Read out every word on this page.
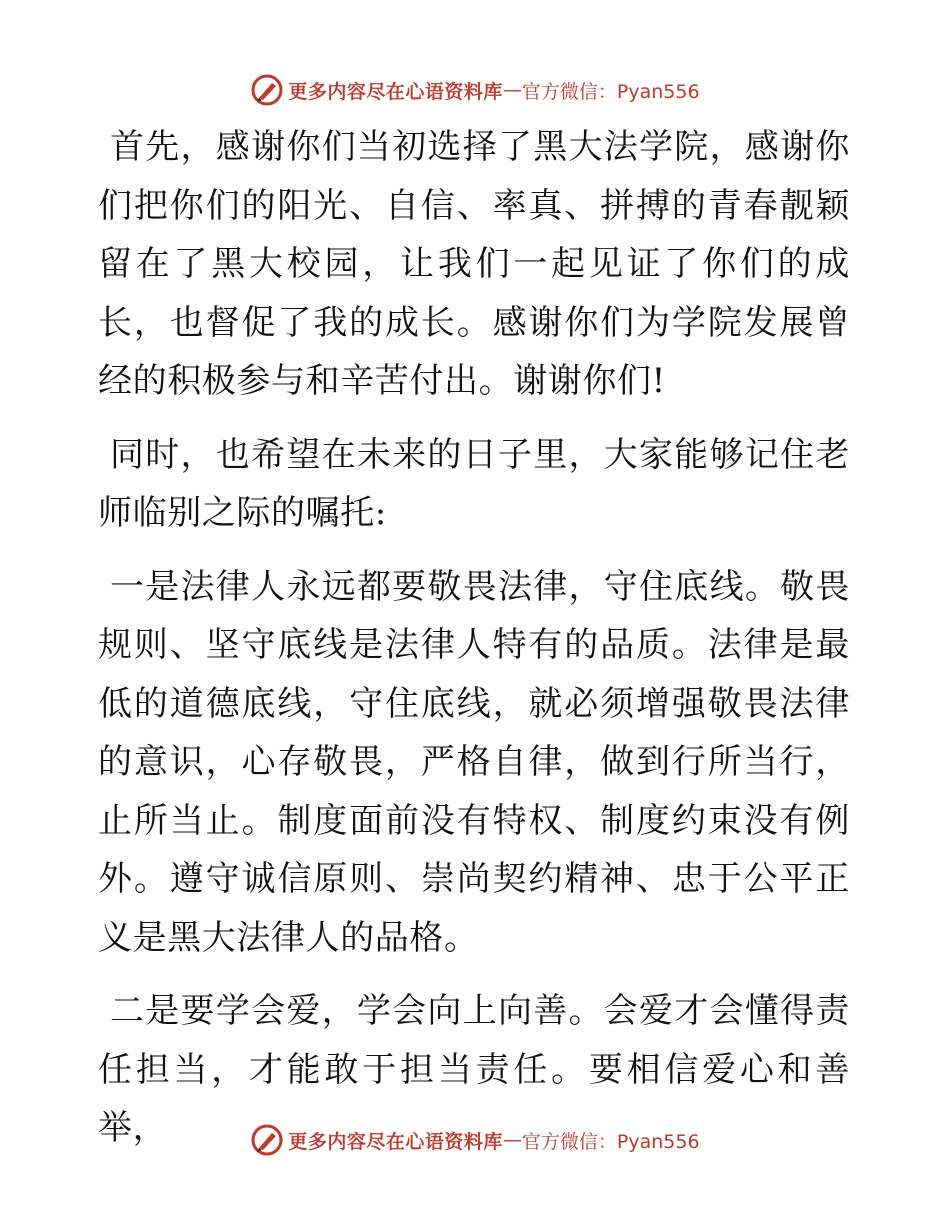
更多内容尽在心语资料库 — 官方微信：Pyan556

首先，感谢你们当初选择了黑大法学院，感谢你们把你们的阳光、自信、率真、拼搏的青春靓颖留在了黑大校园，让我们一起见证了你们的成长，也督促了我的成长。感谢你们为学院发展曾经的积极参与和辛苦付出。谢谢你们!

同时，也希望在未来的日子里，大家能够记住老师临别之际的嘱托:

一是法律人永远都要敬畏法律，守住底线。敬畏规则、坚守底线是法律人特有的品质。法律是最低的道德底线，守住底线，就必须增强敬畏法律的意识，心存敬畏，严格自律，做到行所当行，止所当止。制度面前没有特权、制度约束没有例外。遵守诚信原则、崇尚契约精神、忠于公平正义是黑大法律人的品格。

二是要学会爱，学会向上向善。会爱才会懂得责任担当，才能敢于担当责任。要相信爱心和善举，	更多内容尽在心语资料库 — 官方微信：Pyan556
